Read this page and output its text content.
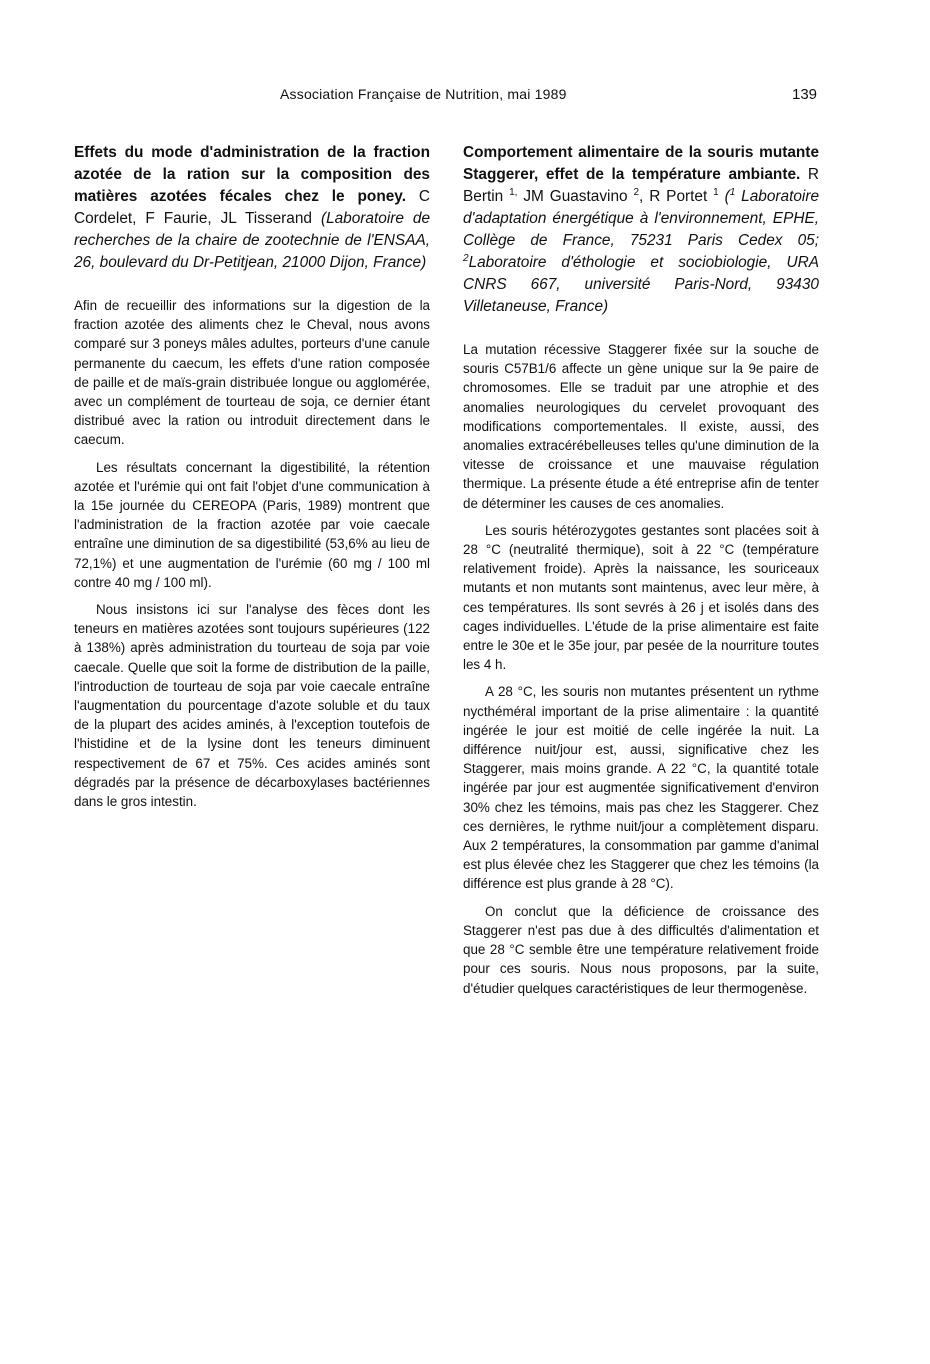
Association Française de Nutrition, mai 1989	139

Effets du mode d'administration de la fraction azotée de la ration sur la composition des matières azotées fécales chez le poney. C Cordelet, F Faurie, JL Tisserand (Laboratoire de recherches de la chaire de zootechnie de l'ENSAA, 26, boulevard du Dr-Petitjean, 21000 Dijon, France)

Afin de recueillir des informations sur la digestion de la fraction azotée des aliments chez le Cheval, nous avons comparé sur 3 poneys mâles adultes, porteurs d'une canule permanente du caecum, les effets d'une ration composée de paille et de maïs-grain distribuée longue ou agglomérée, avec un complément de tourteau de soja, ce dernier étant distribué avec la ration ou introduit directement dans le caecum.

Les résultats concernant la digestibilité, la rétention azotée et l'urémie qui ont fait l'objet d'une communication à la 15e journée du CEREOPA (Paris, 1989) montrent que l'administration de la fraction azotée par voie caecale entraîne une diminution de sa digestibilité (53,6% au lieu de 72,1%) et une augmentation de l'urémie (60 mg / 100 ml contre 40 mg / 100 ml).

Nous insistons ici sur l'analyse des fèces dont les teneurs en matières azotées sont toujours supérieures (122 à 138%) après administration du tourteau de soja par voie caecale. Quelle que soit la forme de distribution de la paille, l'introduction de tourteau de soja par voie caecale entraîne l'augmentation du pourcentage d'azote soluble et du taux de la plupart des acides aminés, à l'exception toutefois de l'histidine et de la lysine dont les teneurs diminuent respectivement de 67 et 75%. Ces acides aminés sont dégradés par la présence de décarboxylases bactériennes dans le gros intestin.

Comportement alimentaire de la souris mutante Staggerer, effet de la température ambiante. R Bertin $^{1,}$ JM Guastavino $^2$, R Portet $^1$ ($^1$ Laboratoire d'adaptation énergétique à l'environnement, EPHE, Collège de France, 75231 Paris Cedex 05; $^2$Laboratoire d'éthologie et sociobiologie, URA CNRS 667, université Paris-Nord, 93430 Villetaneuse, France)

La mutation récessive Staggerer fixée sur la souche de souris C57B1/6 affecte un gène unique sur la 9e paire de chromosomes. Elle se traduit par une atrophie et des anomalies neurologiques du cervelet provoquant des modifications comportementales. Il existe, aussi, des anomalies extracérébelleuses telles qu'une diminution de la vitesse de croissance et une mauvaise régulation thermique. La présente étude a été entreprise afin de tenter de déterminer les causes de ces anomalies.

Les souris hétérozygotes gestantes sont placées soit à 28 °C (neutralité thermique), soit à 22 °C (température relativement froide). Après la naissance, les souriceaux mutants et non mutants sont maintenus, avec leur mère, à ces températures. Ils sont sevrés à 26 j et isolés dans des cages individuelles. L'étude de la prise alimentaire est faite entre le 30e et le 35e jour, par pesée de la nourriture toutes les 4 h.

A 28 °C, les souris non mutantes présentent un rythme nycthéméral important de la prise alimentaire : la quantité ingérée le jour est moitié de celle ingérée la nuit. La différence nuit/jour est, aussi, significative chez les Staggerer, mais moins grande. A 22 °C, la quantité totale ingérée par jour est augmentée significativement d'environ 30% chez les témoins, mais pas chez les Staggerer. Chez ces dernières, le rythme nuit/jour a complètement disparu. Aux 2 températures, la consommation par gamme d'animal est plus élevée chez les Staggerer que chez les témoins (la différence est plus grande à 28 °C).

On conclut que la déficience de croissance des Staggerer n'est pas due à des difficultés d'alimentation et que 28 °C semble être une température relativement froide pour ces souris. Nous nous proposons, par la suite, d'étudier quelques caractéristiques de leur thermogenèse.
